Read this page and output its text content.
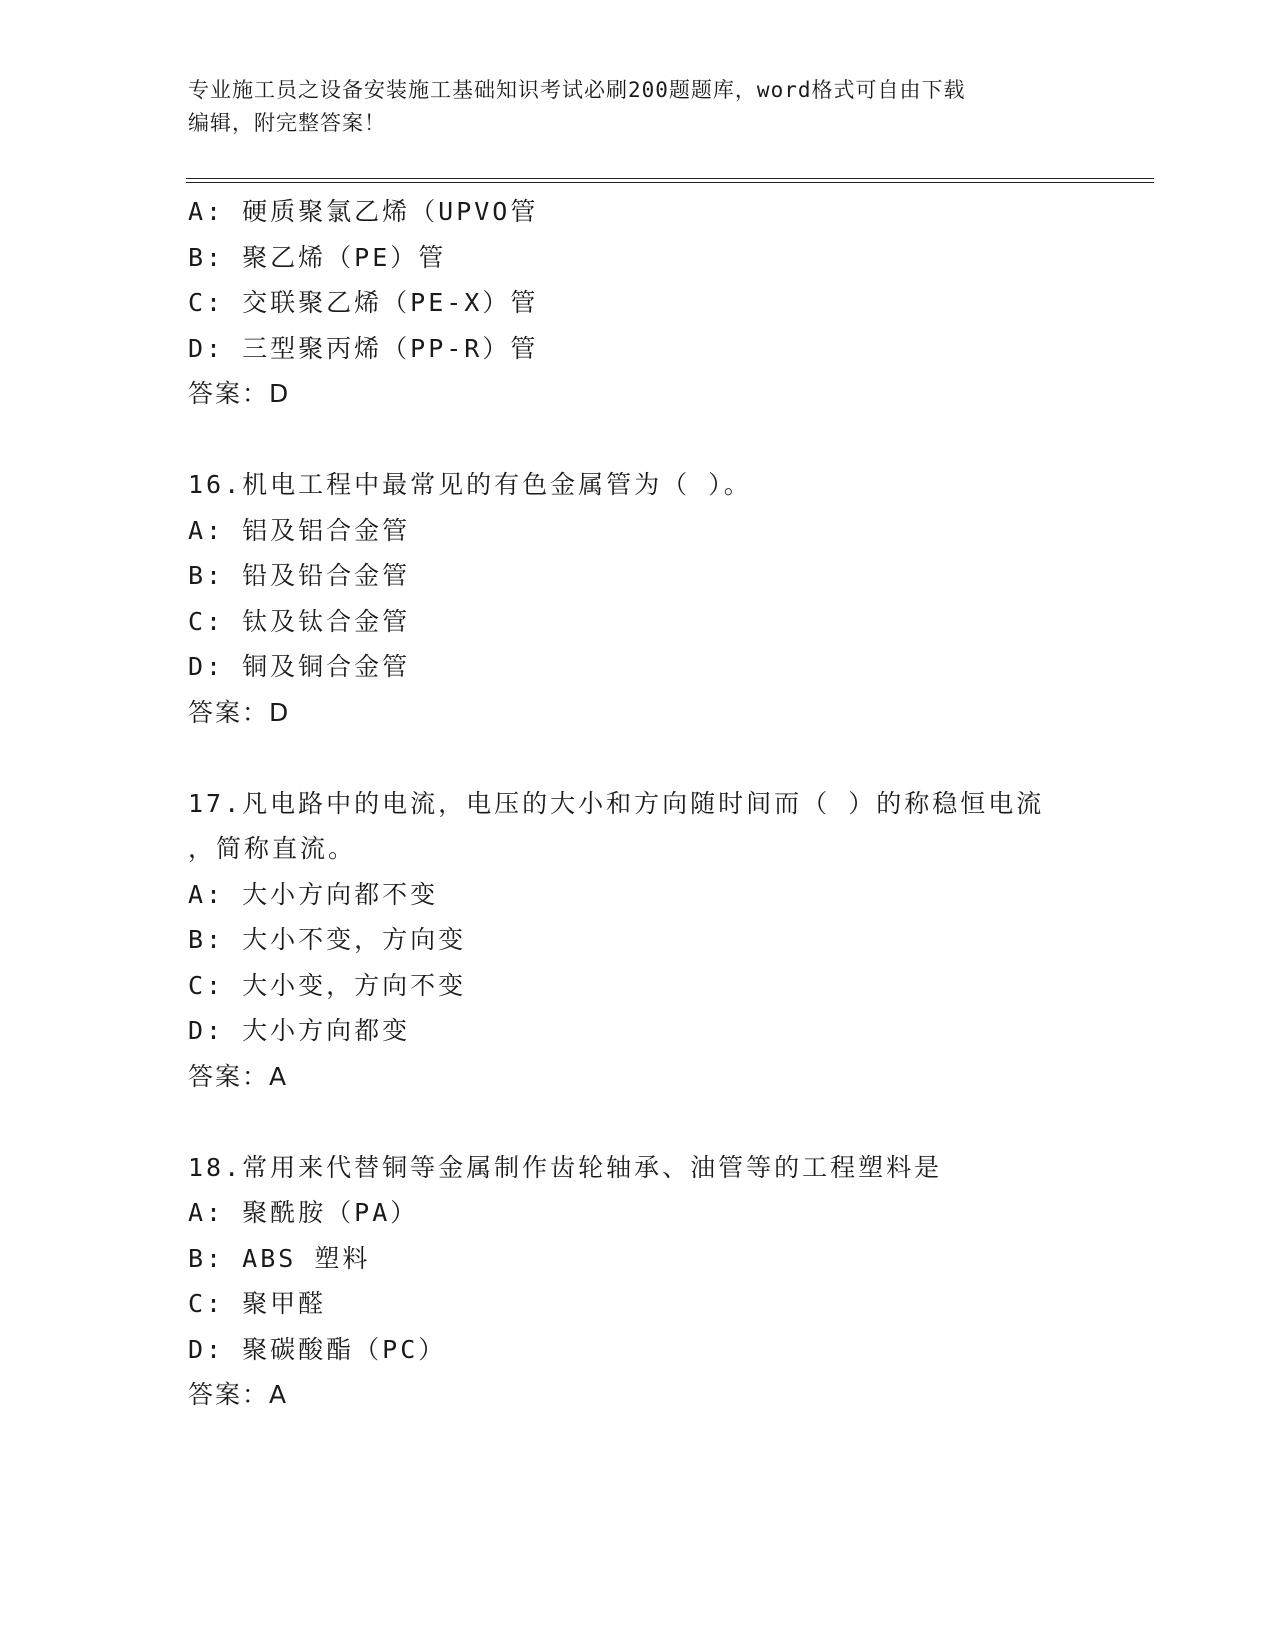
专业施工员之设备安装施工基础知识考试必刷200题题库，word格式可自由下载
编辑，附完整答案！
A: 硬质聚氯乙烯（UPVO管
B: 聚乙烯（PE）管
C: 交联聚乙烯（PE-X）管
D: 三型聚丙烯（PP-R）管
答案：D
16.机电工程中最常见的有色金属管为（ ）。
A: 铝及铝合金管
B: 铅及铅合金管
C: 钛及钛合金管
D: 铜及铜合金管
答案：D
17.凡电路中的电流，电压的大小和方向随时间而（ ）的称稳恒电流
，简称直流。
A: 大小方向都不变
B: 大小不变，方向变
C: 大小变，方向不变
D: 大小方向都变
答案：A
18.常用来代替铜等金属制作齿轮轴承、油管等的工程塑料是
A: 聚酰胺（PA）
B: ABS 塑料
C: 聚甲醛
D: 聚碳酸酯（PC）
答案：A
